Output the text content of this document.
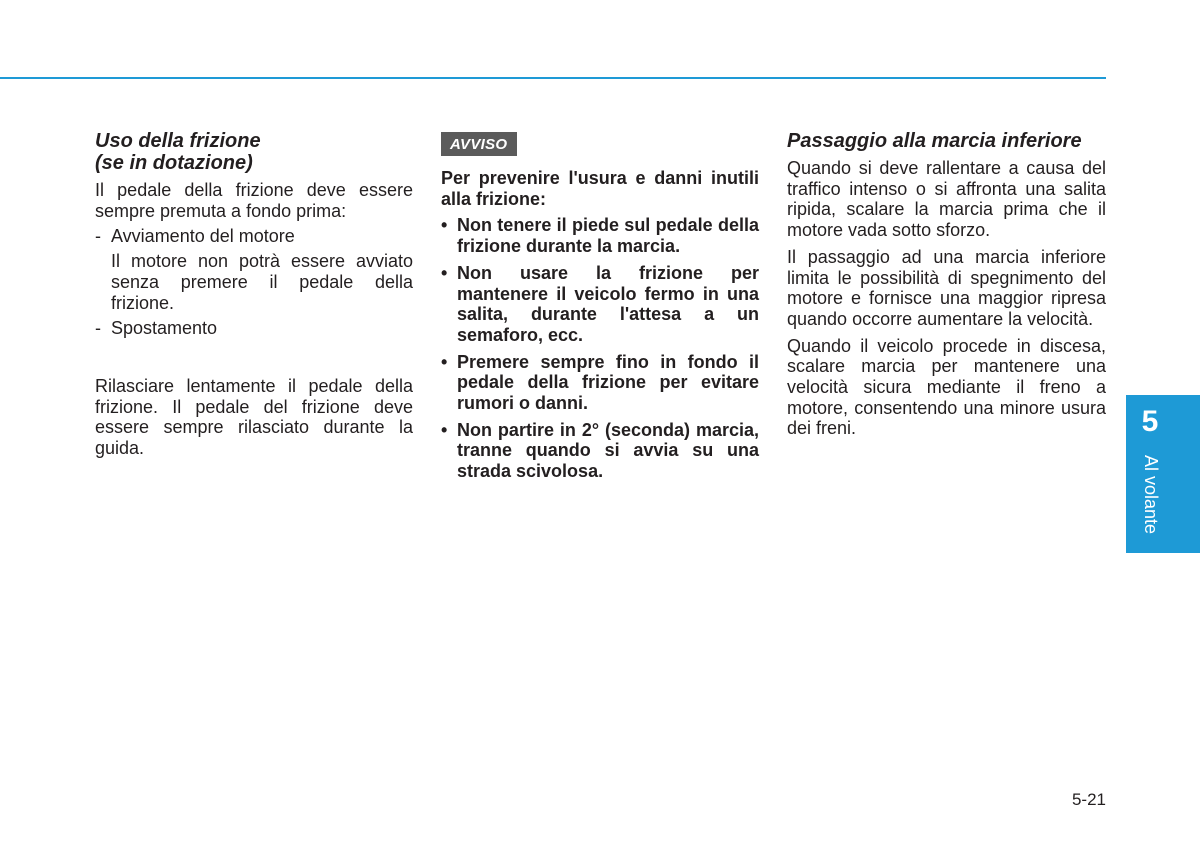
Uso della frizione
(se in dotazione)

Il pedale della frizione deve essere sempre premuta a fondo prima:

- Avviamento del motore

Il motore non potrà essere avviato senza premere il pedale della frizione.

- Spostamento

Rilasciare lentamente il pedale della frizione. Il pedale del frizione deve essere sempre rilasciato durante la guida.

AVVISO

Per prevenire l'usura e danni inutili alla frizione:

• Non tenere il piede sul pedale della frizione durante la marcia.
• Non usare la frizione per mantenere il veicolo fermo in una salita, durante l'attesa a un semaforo, ecc.
• Premere sempre fino in fondo il pedale della frizione per evitare rumori o danni.
• Non partire in 2° (seconda) marcia, tranne quando si avvia su una strada scivolosa.

Passaggio alla marcia inferiore

Quando si deve rallentare a causa del traffico intenso o si affronta una salita ripida, scalare la marcia prima che il motore vada sotto sforzo.

Il passaggio ad una marcia inferiore limita le possibilità di spegnimento del motore e fornisce una maggior ripresa quando occorre aumentare la velocità.

Quando il veicolo procede in discesa, scalare marcia per mantenere una velocità sicura mediante il freno a motore, consentendo una minore usura dei freni.	5
Al volante
5-21
